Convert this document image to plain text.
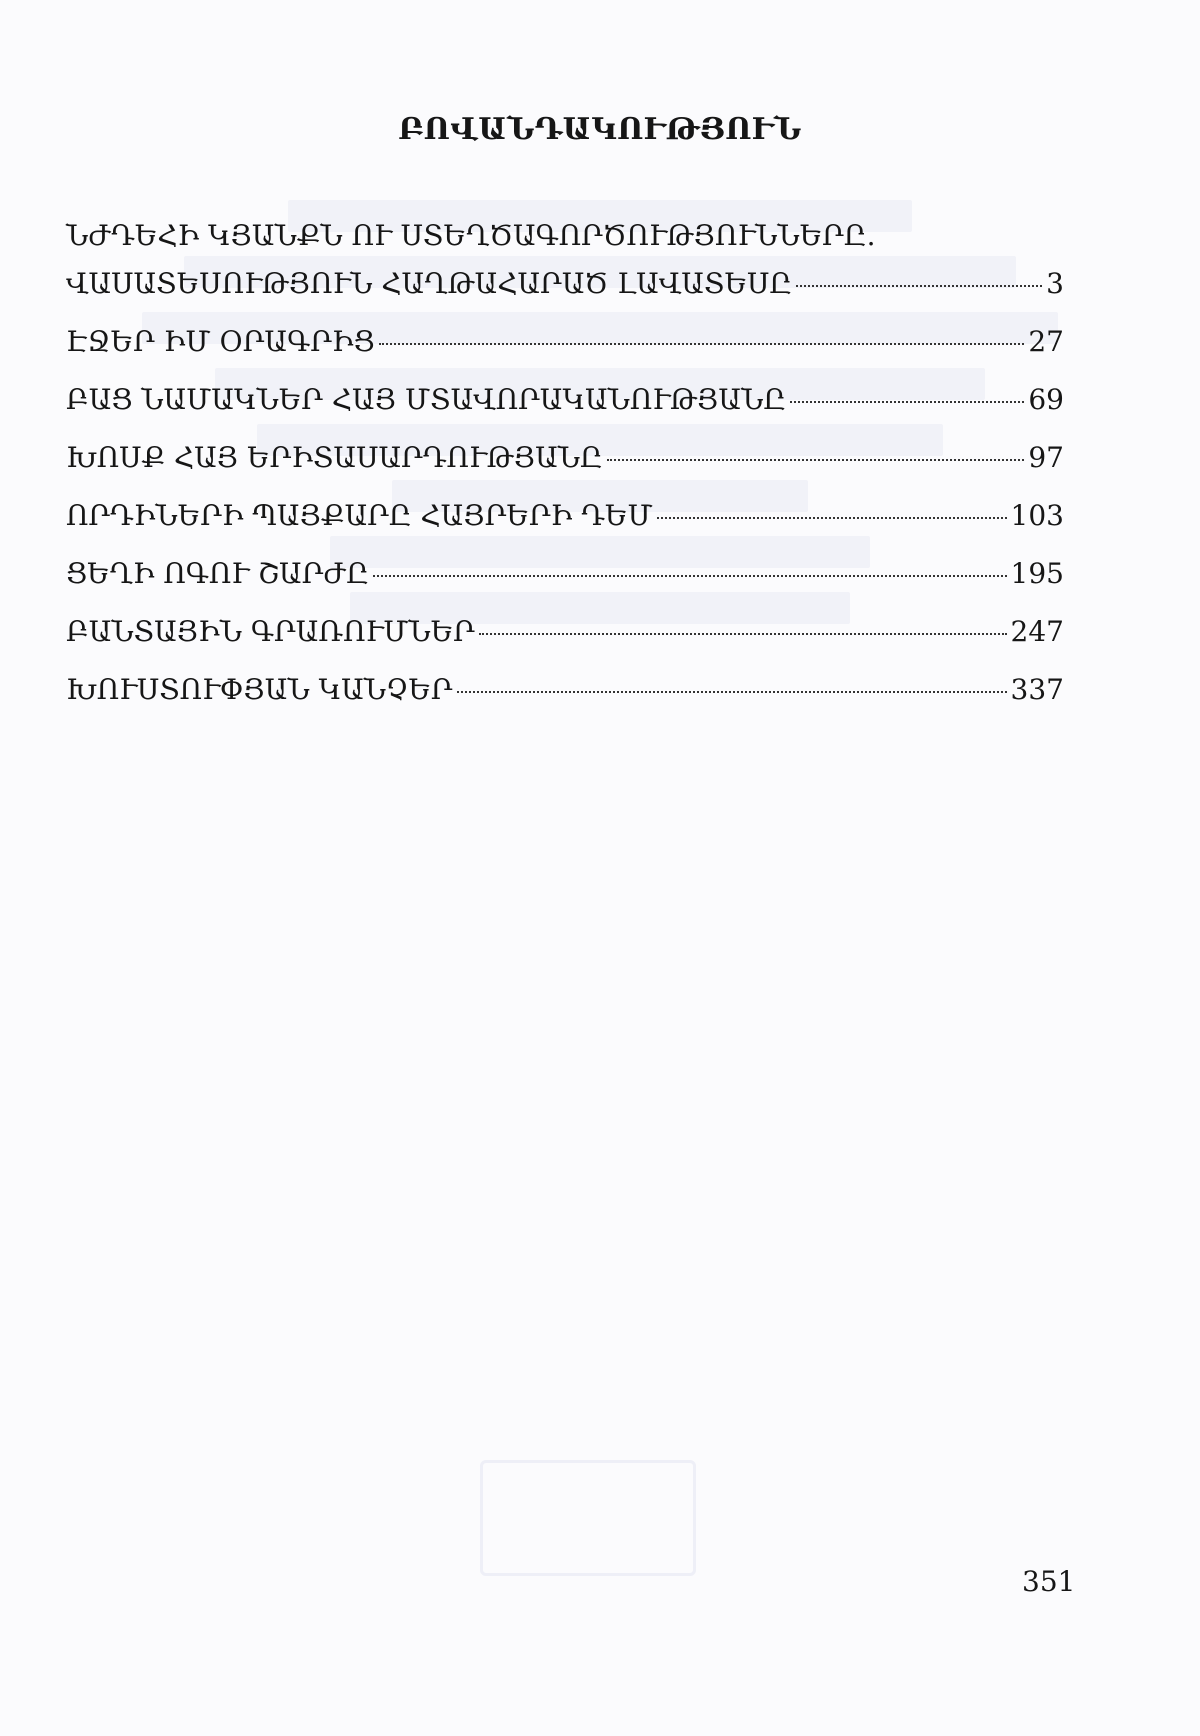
ԲՈՎԱՆԴԱԿՈՒԹՅՈՒՆ
ՆԺԴԵՀԻ ԿՅԱՆՔՆ ՈՒ ՍՏԵՂԾԱԳՈՐԾՈՒԹՅՈՒՆՆԵՐԸ.
ՎԱՍԱՏԵՍՈՒԹՅՈՒՆ ՀԱՂԹԱՀԱՐԱԾ ԼԱՎԱՏԵՍԸ	3
ԷՋԵՐ ԻՄ ՕՐԱԳՐԻՑ	27
ԲԱՑ ՆԱՄԱԿՆԵՐ ՀԱՅ ՄՏԱՎՈՐԱԿԱՆՈՒԹՅԱՆԸ	69
ԽՈՍՔ ՀԱՅ ԵՐԻՏԱՍԱՐԴՈՒԹՅԱՆԸ	97
ՈՐԴԻՆԵՐԻ ՊԱՅՔԱՐԸ ՀԱՅՐԵՐԻ ԴԵՄ	103
ՑԵՂԻ ՈԳՈՒ ՇԱՐԺԸ	195
ԲԱՆՏԱՅԻՆ ԳՐԱՌՈՒՄՆԵՐ	247
ԽՈՒՍՏՈՒՓՅԱՆ ԿԱՆՉԵՐ	337
351
